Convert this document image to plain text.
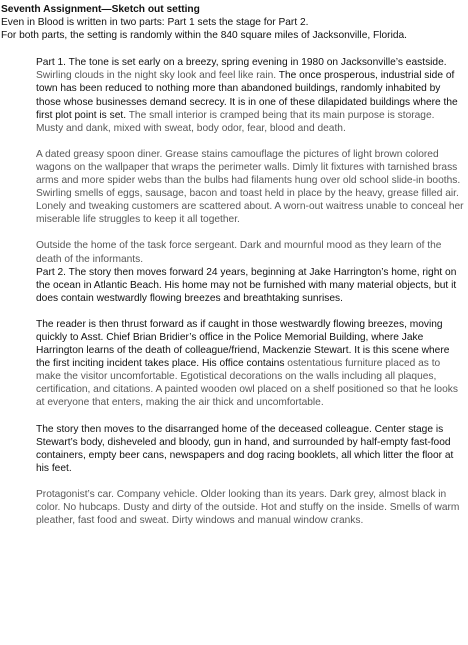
Seventh Assignment—Sketch out setting

Even in Blood is written in two parts: Part 1 sets the stage for Part 2.

For both parts, the setting is randomly within the 840 square miles of Jacksonville, Florida.

Part 1. The tone is set early on a breezy, spring evening in 1980 on Jacksonville’s eastside. Swirling clouds in the night sky look and feel like rain. The once prosperous, industrial side of town has been reduced to nothing more than abandoned buildings, randomly inhabited by those whose businesses demand secrecy. It is in one of these dilapidated buildings where the first plot point is set. The small interior is cramped being that its main purpose is storage. Musty and dank, mixed with sweat, body odor, fear, blood and death.

A dated greasy spoon diner. Grease stains camouflage the pictures of light brown colored wagons on the wallpaper that wraps the perimeter walls. Dimly lit fixtures with tarnished brass arms and more spider webs than the bulbs had filaments hung over old school slide-in booths. Swirling smells of eggs, sausage, bacon and toast held in place by the heavy, grease filled air. Lonely and tweaking customers are scattered about. A worn-out waitress unable to conceal her miserable life struggles to keep it all together.

Outside the home of the task force sergeant. Dark and mournful mood as they learn of the death of the informants.

Part 2. The story then moves forward 24 years, beginning at Jake Harrington’s home, right on the ocean in Atlantic Beach. His home may not be furnished with many material objects, but it does contain westwardly flowing breezes and breathtaking sunrises.

The reader is then thrust forward as if caught in those westwardly flowing breezes, moving quickly to Asst. Chief Brian Bridier’s office in the Police Memorial Building, where Jake Harrington learns of the death of colleague/friend, Mackenzie Stewart. It is this scene where the first inciting incident takes place. His office contains ostentatious furniture placed as to make the visitor uncomfortable. Egotistical decorations on the walls including all plaques, certification, and citations. A painted wooden owl placed on a shelf positioned so that he looks at everyone that enters, making the air thick and uncomfortable.

The story then moves to the disarranged home of the deceased colleague. Center stage is Stewart’s body, disheveled and bloody, gun in hand, and surrounded by half-empty fast-food containers, empty beer cans, newspapers and dog racing booklets, all which litter the floor at his feet.

Protagonist’s car. Company vehicle. Older looking than its years. Dark grey, almost black in color. No hubcaps. Dusty and dirty of the outside. Hot and stuffy on the inside. Smells of warm pleather, fast food and sweat. Dirty windows and manual window cranks.
